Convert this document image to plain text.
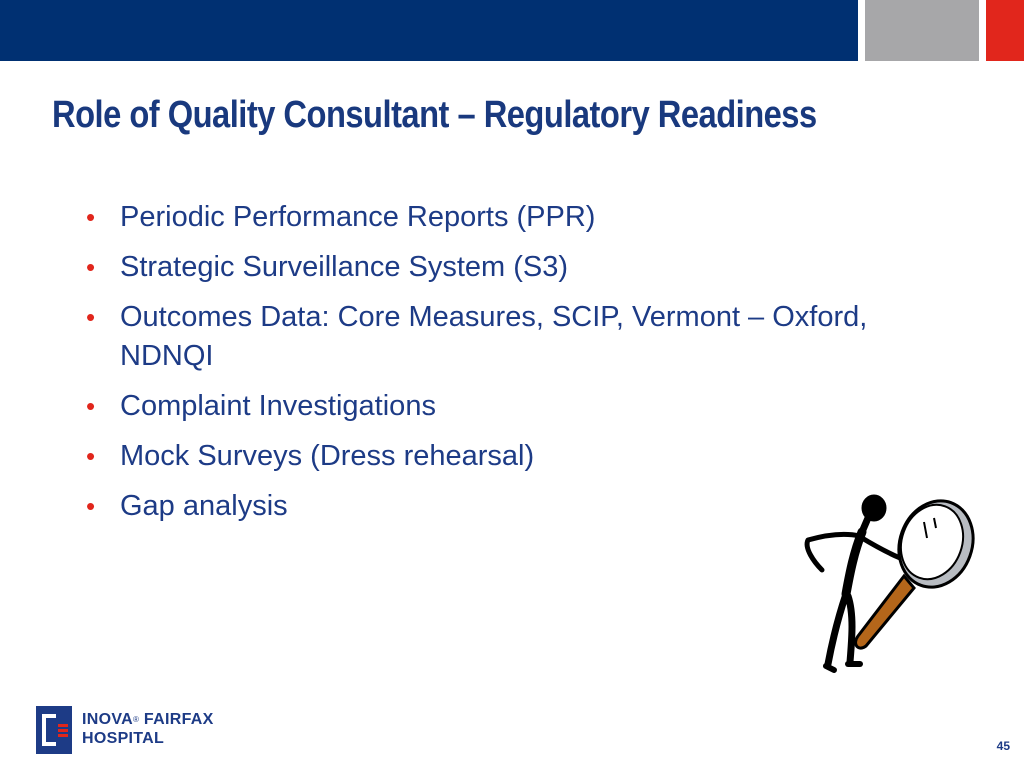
Role of Quality Consultant – Regulatory Readiness
• Periodic Performance Reports (PPR)
• Strategic Surveillance System (S3)
• Outcomes Data: Core Measures, SCIP, Vermont – Oxford, NDNQI
• Complaint Investigations
• Mock Surveys (Dress rehearsal)
• Gap analysis
INOVA® FAIRFAX
HOSPITAL	45
